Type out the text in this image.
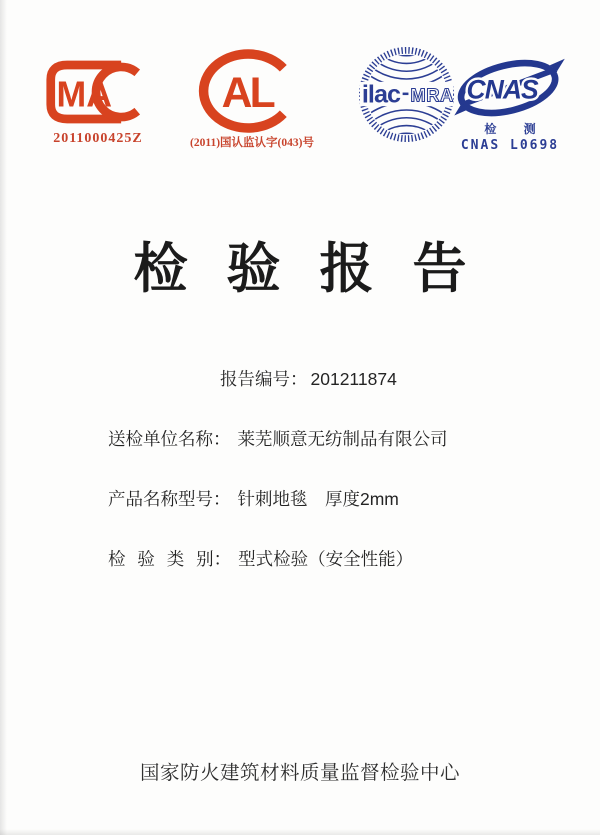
MA
2011000425Z
AL
(2011)国认监认字(043)号
ilac MRA CNAS
检 测
CNAS L0698
检 验 报 告
报告编号： 201211874
送检单位名称： 莱芜顺意无纺制品有限公司
产品名称型号： 针刺地毯　厚度2mm
检 验 类 别： 型式检验（安全性能）
国家防火建筑材料质量监督检验中心
